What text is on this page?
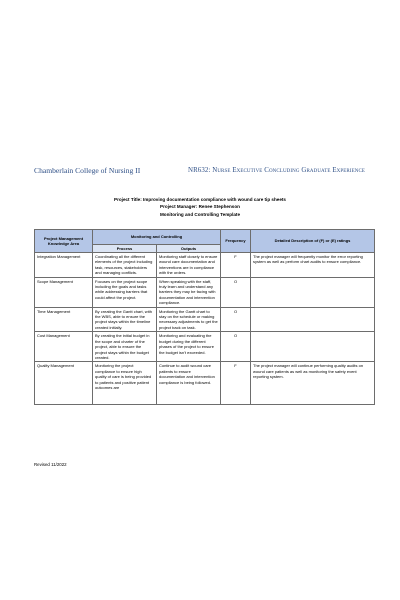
Chamberlain College of Nursing II	NR632: Nurse Executive Concluding Graduate Experience
Project Title: Improving documentation compliance with wound care tip sheets
Project Manager: Renee Stephenson
Monitoring and Controlling Template
Project Management Knowledge Area	Monitoring and Controlling		Frequency	Detailed Description of (F) or (E) ratings
	Process	Outputs		
Integration Management	Coordinating all the different elements of the project including task, resources, stakeholders and managing conflicts.	Monitoring staff closely to ensure wound care documentation and interventions are in compliance with the orders.	F	The project manager will frequently monitor the error reporting system as well as perform chart audits to ensure compliance.
Scope Management	Focuses on the project scope including the goals and tasks while addressing barriers that could affect the project.	When speaking with the staff, truly learn and understand any barriers they may be facing with documentation and intervention compliance.	O	
Time Management	By creating the Gantt chart, with the WBS, able to ensure the project stays within the timeline created initially.	Monitoring the Gantt chart to stay on the schedule or making necessary adjustments to get the project back on task.	O	
Cost Management	By creating the initial budget in the scope and charter of the project, able to ensure the project stays within the budget created.	Monitoring and evaluating the budget during the different phases of the project to ensure the budget isn't exceeded.	O	
Quality Management	Monitoring the project compliance to ensure high quality of care is being provided to patients and positive patient outcomes are	Continue to audit wound care patients to ensure documentation and intervention compliance is being followed.	F	The project manager will continue performing quality audits on wound care patients as well as monitoring the safety event reporting system.
Revised 11/2022
